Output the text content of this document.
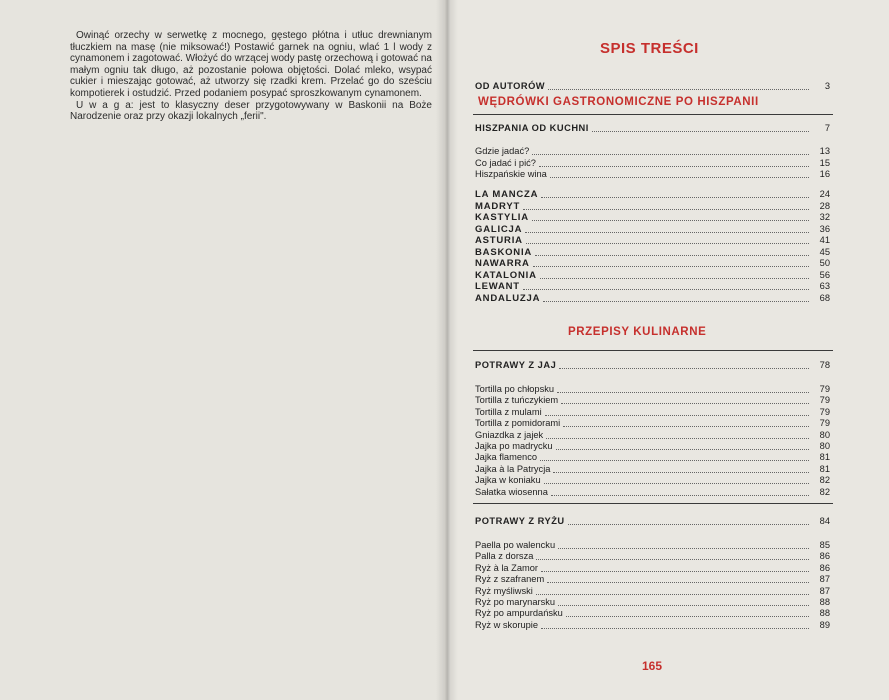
Owinąć orzechy w serwetkę z mocnego, gęstego płótna i utłuc drewnianym tłuczkiem na masę (nie miksować!) Postawić garnek na ogniu, wlać 1 l wody z cynamonem i zagotować. Włożyć do wrzącej wody pastę orzechową i gotować na małym ogniu tak długo, aż pozostanie połowa objętości. Dolać mleko, wsypać cukier i mieszając gotować, aż utworzy się rzadki krem. Przelać go do sześciu kompotierek i ostudzić. Przed podaniem posypać sproszkowanym cynamonem.

U w a g a: jest to klasyczny deser przygotowywany w Baskonii na Boże Narodzenie oraz przy okazji lokalnych „ferii".

SPIS TREŚCI
OD AUTORÓW	3
WĘDRÓWKI GASTRONOMICZNE PO HISZPANII
HISZPANIA OD KUCHNI	7
Gdzie jadać?	13
Co jadać i pić?	15
Hiszpańskie wina	16
LA MANCZA	24
MADRYT	28
KASTYLIA	32
GALICJA	36
ASTURIA	41
BASKONIA	45
NAWARRA	50
KATALONIA	56
LEWANT	63
ANDALUZJA	68
PRZEPISY KULINARNE
POTRAWY Z JAJ	78
Tortilla po chłopsku	79
Tortilla z tuńczykiem	79
Tortilla z mulami	79
Tortilla z pomidorami	79
Gniazdka z jajek	80
Jajka po madrycku	80
Jajka flamenco	81
Jajka à la Patrycja	81
Jajka w koniaku	82
Sałatka wiosenna	82
POTRAWY Z RYŻU	84
Paella po walencku	85
Palla z dorsza	86
Ryż à la Zamor	86
Ryż z szafranem	87
Ryż myśliwski	87
Ryż po marynarsku	88
Ryż po ampurdańsku	88
Ryż w skorupie	89
165
